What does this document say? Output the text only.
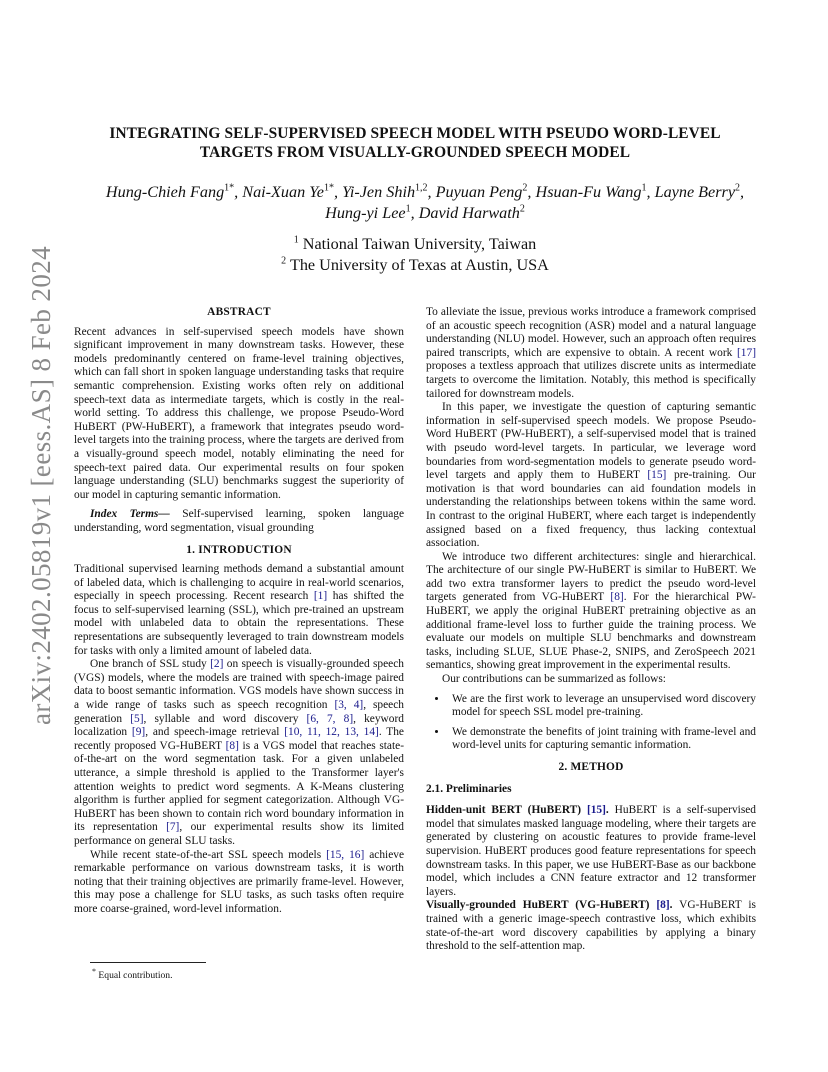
arXiv:2402.05819v1 [eess.AS] 8 Feb 2024
INTEGRATING SELF-SUPERVISED SPEECH MODEL WITH PSEUDO WORD-LEVEL
TARGETS FROM VISUALLY-GROUNDED SPEECH MODEL
Hung-Chieh Fang$^{1*}$, Nai-Xuan $Ye^{1*}$, Yi-Jen Shih$^{1,2}$, Puyuan Peng$^2$, Hsuan-Fu Wang$^1$, Layne Berry$^2$,
Hung-yi Lee$^1$, David Harwath$^2$
$^1$ National Taiwan University, Taiwan
$^2$ The University of Texas at Austin, USA
ABSTRACT

Recent advances in self-supervised speech models have shown significant improvement in many downstream tasks. However, these models predominantly centered on frame-level training objectives, which can fall short in spoken language understanding tasks that require semantic comprehension. Existing works often rely on additional speech-text data as intermediate targets, which is costly in the real-world setting. To address this challenge, we propose Pseudo-Word HuBERT (PW-HuBERT), a framework that integrates pseudo word-level targets into the training process, where the targets are derived from a visually-ground speech model, notably eliminating the need for speech-text paired data. Our experimental results on four spoken language understanding (SLU) benchmarks suggest the superiority of our model in capturing semantic information.

Index Terms— Self-supervised learning, spoken language understanding, word segmentation, visual grounding

1. INTRODUCTION

Traditional supervised learning methods demand a substantial amount of labeled data, which is challenging to acquire in real-world scenarios, especially in speech processing. Recent research [1] has shifted the focus to self-supervised learning (SSL), which pre-trained an upstream model with unlabeled data to obtain the representations. These representations are subsequently leveraged to train downstream models for tasks with only a limited amount of labeled data.

One branch of SSL study [2] on speech is visually-grounded speech (VGS) models, where the models are trained with speech-image paired data to boost semantic information. VGS models have shown success in a wide range of tasks such as speech recognition [3, 4], speech generation [5], syllable and word discovery [6, 7, 8], keyword localization [9], and speech-image retrieval [10, 11, 12, 13, 14]. The recently proposed VG-HuBERT [8] is a VGS model that reaches state-of-the-art on the word segmentation task. For a given unlabeled utterance, a simple threshold is applied to the Transformer layer's attention weights to predict word segments. A K-Means clustering algorithm is further applied for segment categorization. Although VG-HuBERT has been shown to contain rich word boundary information in its representation [7], our experimental results show its limited performance on general SLU tasks.

While recent state-of-the-art SSL speech models [15, 16] achieve remarkable performance on various downstream tasks, it is worth noting that their training objectives are primarily frame-level. However, this may pose a challenge for SLU tasks, as such tasks often require more coarse-grained, word-level information.

To alleviate the issue, previous works introduce a framework comprised of an acoustic speech recognition (ASR) model and a natural language understanding (NLU) model. However, such an approach often requires paired transcripts, which are expensive to obtain. A recent work [17] proposes a textless approach that utilizes discrete units as intermediate targets to overcome the limitation. Notably, this method is specifically tailored for downstream models.

In this paper, we investigate the question of capturing semantic information in self-supervised speech models. We propose Pseudo-Word HuBERT (PW-HuBERT), a self-supervised model that is trained with pseudo word-level targets. In particular, we leverage word boundaries from word-segmentation models to generate pseudo word-level targets and apply them to HuBERT [15] pre-training. Our motivation is that word boundaries can aid foundation models in understanding the relationships between tokens within the same word. In contrast to the original HuBERT, where each target is independently assigned based on a fixed frequency, thus lacking contextual association.

We introduce two different architectures: single and hierarchical. The architecture of our single PW-HuBERT is similar to HuBERT. We add two extra transformer layers to predict the pseudo word-level targets generated from VG-HuBERT [8]. For the hierarchical PW-HuBERT, we apply the original HuBERT pretraining objective as an additional frame-level loss to further guide the training process. We evaluate our models on multiple SLU benchmarks and downstream tasks, including SLUE, SLUE Phase-2, SNIPS, and ZeroSpeech 2021 semantics, showing great improvement in the experimental results.

Our contributions can be summarized as follows:

• We are the first work to leverage an unsupervised word discovery model for speech SSL model pre-training.
• We demonstrate the benefits of joint training with frame-level and word-level units for capturing semantic information.
2. METHOD
2.1. Preliminaries

Hidden-unit BERT (HuBERT) [15]. HuBERT is a self-supervised model that simulates masked language modeling, where their targets are generated by clustering on acoustic features to provide frame-level supervision. HuBERT produces good feature representations for speech downstream tasks. In this paper, we use HuBERT-Base as our backbone model, which includes a CNN feature extractor and 12 transformer layers.

Visually-grounded HuBERT (VG-HuBERT) [8]. VG-HuBERT is trained with a generic image-speech contrastive loss, which exhibits state-of-the-art word discovery capabilities by applying a binary threshold to the self-attention map.

* Equal contribution.
